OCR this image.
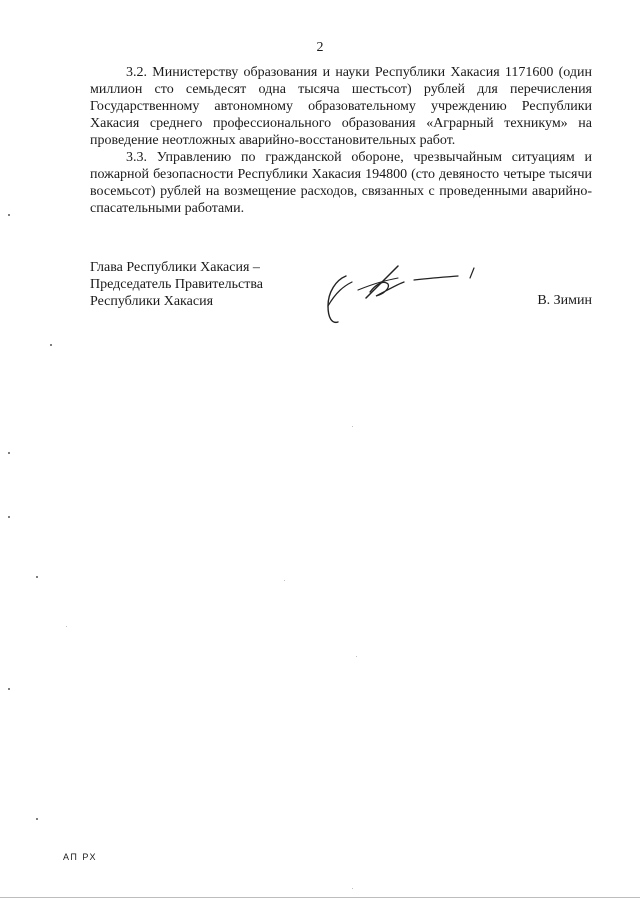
2

3.2. Министерству образования и науки Республики Хакасия 1171600 (один миллион сто семьдесят одна тысяча шестьсот) рублей для перечисления Государственному автономному образовательному учреждению Республики Хакасия среднего профессионального образования «Аграрный техникум» на проведение неотложных аварийно-восстановительных работ.

3.3. Управлению по гражданской обороне, чрезвычайным ситуациям и пожарной безопасности Республики Хакасия 194800 (сто девяносто четыре тысячи восемьсот) рублей на возмещение расходов, связанных с проведенными аварийно-спасательными работами.

Глава Республики Хакасия –
Председатель Правительства
Республики Хакасия	В. Зимин
АП РХ
